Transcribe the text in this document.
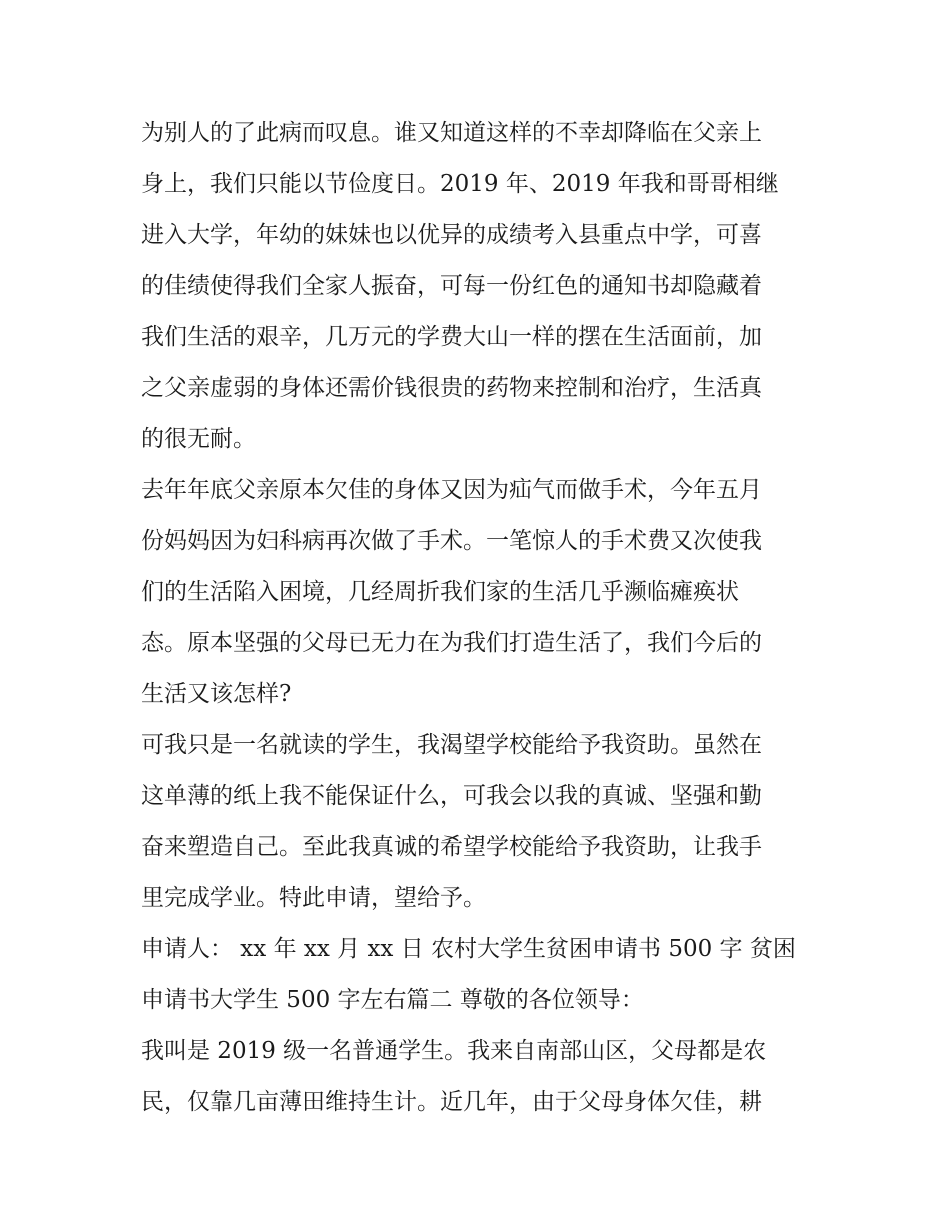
为别人的了此病而叹息。谁又知道这样的不幸却降临在父亲上
身上，我们只能以节俭度日。2019 年、2019 年我和哥哥相继
进入大学，年幼的妹妹也以优异的成绩考入县重点中学，可喜
的佳绩使得我们全家人振奋，可每一份红色的通知书却隐藏着
我们生活的艰辛，几万元的学费大山一样的摆在生活面前，加
之父亲虚弱的身体还需价钱很贵的药物来控制和治疗，生活真
的很无耐。
去年年底父亲原本欠佳的身体又因为疝气而做手术，今年五月
份妈妈因为妇科病再次做了手术。一笔惊人的手术费又次使我
们的生活陷入困境，几经周折我们家的生活几乎濒临瘫痪状
态。原本坚强的父母已无力在为我们打造生活了，我们今后的
生活又该怎样?
可我只是一名就读的学生，我渴望学校能给予我资助。虽然在
这单薄的纸上我不能保证什么，可我会以我的真诚、坚强和勤
奋来塑造自己。至此我真诚的希望学校能给予我资助，让我手
里完成学业。特此申请，望给予。
申请人： xx 年 xx 月 xx 日 农村大学生贫困申请书 500 字 贫困
申请书大学生 500 字左右篇二 尊敬的各位领导：
我叫是 2019 级一名普通学生。我来自南部山区，父母都是农
民，仅靠几亩薄田维持生计。近几年，由于父母身体欠佳，耕
